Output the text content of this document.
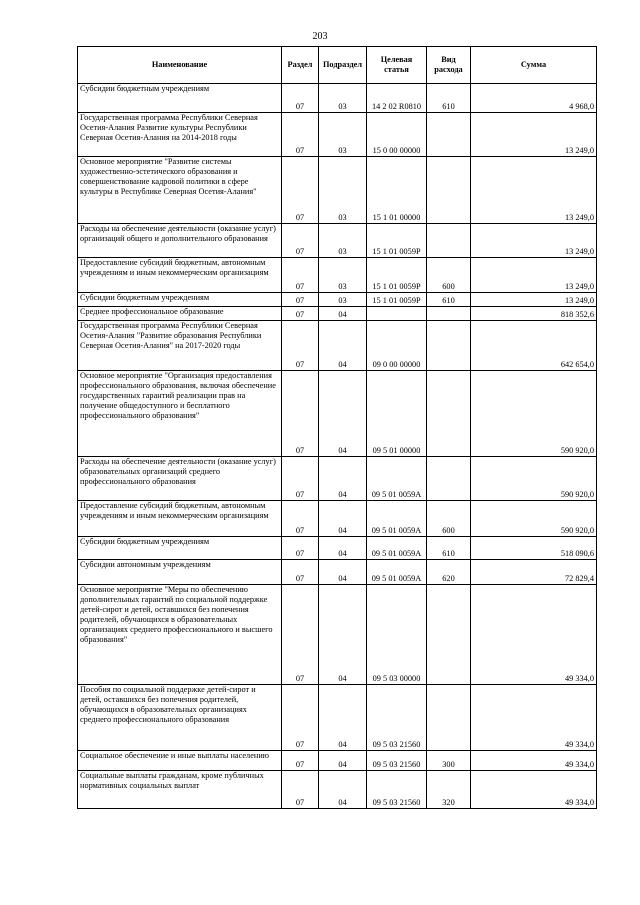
203
Наименование	Раздел	Подраздел	Целевая статья	Вид расхода	Сумма
Субсидии бюджетным учреждениям	07	03	14 2 02 R0810	610	4 968,0
Государственная программа Республики Северная Осетия-Алания Развитие культуры Республики Северная Осетия-Алания на 2014-2018 годы	07	03	15 0 00 00000		13 249,0
Основное мероприятие "Развитие системы художественно-эстетического образования и совершенствование кадровой политики в сфере культуры в Республике Северная Осетия-Алания"	07	03	15 1 01 00000		13 249,0
Расходы на обеспечение деятельности (оказание услуг) организаций общего и дополнительного образования	07	03	15 1 01 0059Р		13 249,0
Предоставление субсидий бюджетным, автономным учреждениям и иным некоммерческим организациям	07	03	15 1 01 0059Р	600	13 249,0
Субсидии бюджетным учреждениям	07	03	15 1 01 0059Р	610	13 249,0
Среднее профессиональное образование	07	04			818 352,6
Государственная программа Республики Северная Осетия-Алания "Развитие образования Республики Северная Осетия-Алания" на 2017-2020 годы	07	04	09 0 00 00000		642 654,0
Основное мероприятие "Организация предоставления профессионального образования, включая обеспечение государственных гарантий реализации прав на получение общедоступного и бесплатного профессионального образования"	07	04	09 5 01 00000		590 920,0
Расходы на обеспечение деятельности (оказание услуг) образовательных организаций среднего профессионального образования	07	04	09 5 01 0059А		590 920,0
Предоставление субсидий бюджетным, автономным учреждениям и иным некоммерческим организациям	07	04	09 5 01 0059А	600	590 920,0
Субсидии бюджетным учреждениям	07	04	09 5 01 0059А	610	518 090,6
Субсидии автономным учреждениям	07	04	09 5 01 0059А	620	72 829,4
Основное мероприятие "Меры по обеспечению дополнительных гарантий по социальной поддержке детей-сирот и детей, оставшихся без попечения родителей, обучающихся в образовательных организациях среднего профессионального и высшего образования"	07	04	09 5 03 00000		49 334,0
Пособия по социальной поддержке детей-сирот и детей, оставшихся без попечения родителей, обучающихся в образовательных организациях среднего профессионального образования	07	04	09 5 03 21560		49 334,0
Социальное обеспечение и иные выплаты населению	07	04	09 5 03 21560	300	49 334,0
Социальные выплаты гражданам, кроме публичных нормативных социальных выплат	07	04	09 5 03 21560	320	49 334,0
